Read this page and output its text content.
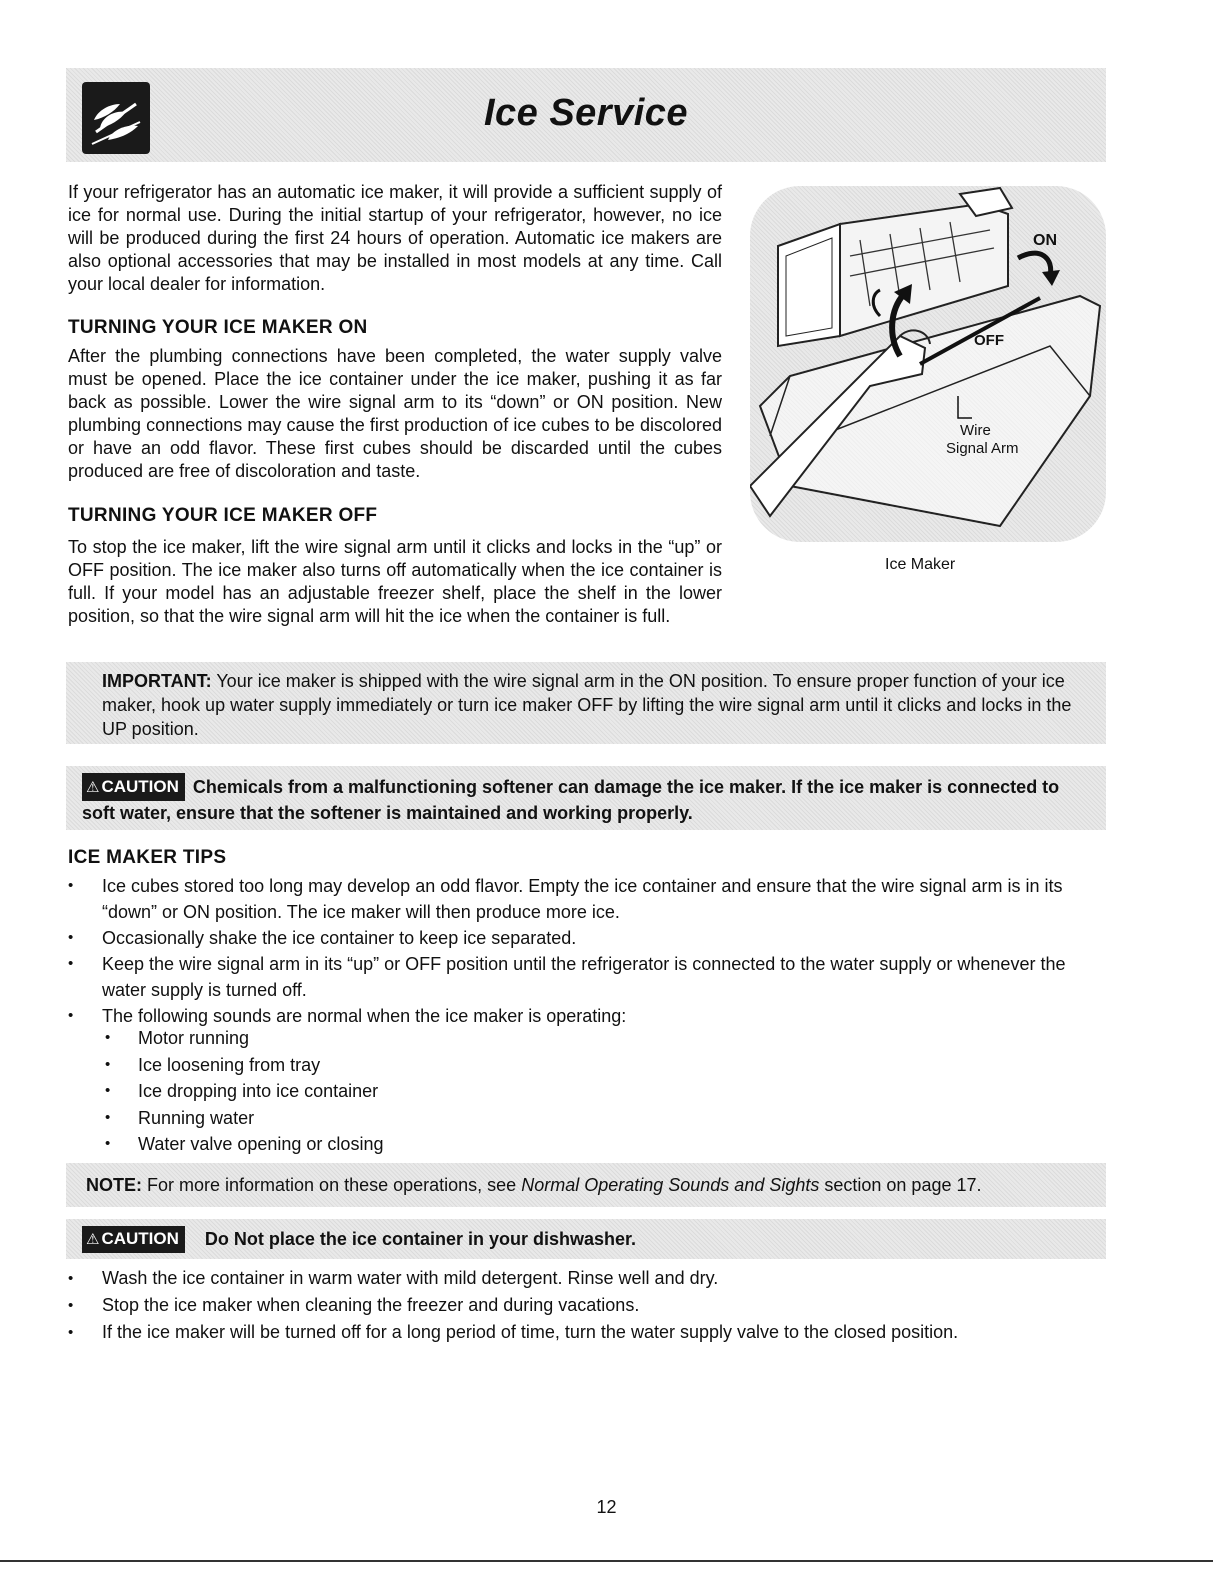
Ice Service

If your refrigerator has an automatic ice maker, it will provide a sufficient supply of ice for normal use. During the initial startup of your refrigerator, however, no ice will be produced during the first 24 hours of operation. Automatic ice makers are also optional accessories that may be installed in most models at any time. Call your local dealer for information.

TURNING YOUR ICE MAKER ON

After the plumbing connections have been completed, the water supply valve must be opened. Place the ice container under the ice maker, pushing it as far back as possible. Lower the wire signal arm to its “down” or ON position. New plumbing connections may cause the first production of ice cubes to be discolored or have an odd flavor. These first cubes should be discarded until the cubes produced are free of discoloration and taste.

TURNING YOUR ICE MAKER OFF

To stop the ice maker, lift the wire signal arm until it clicks and locks in the “up” or OFF position. The ice maker also turns off automatically when the ice container is full. If your model has an adjustable freezer shelf, place the shelf in the lower position, so that the wire signal arm will hit the ice when the container is full.

ON
OFF
Wire
Signal Arm
Ice Maker
IMPORTANT: Your ice maker is shipped with the wire signal arm in the ON position. To ensure proper function of your ice maker, hook up water supply immediately or turn ice maker OFF by lifting the wire signal arm until it clicks and locks in the UP position.
⚠ CAUTION Chemicals from a malfunctioning softener can damage the ice maker. If the ice maker is connected to soft water, ensure that the softener is maintained and working properly.
ICE MAKER TIPS
• Ice cubes stored too long may develop an odd flavor. Empty the ice container and ensure that the wire signal arm is in its “down” or ON position. The ice maker will then produce more ice.
• Occasionally shake the ice container to keep ice separated.
• Keep the wire signal arm in its “up” or OFF position until the refrigerator is connected to the water supply or whenever the water supply is turned off.
• The following sounds are normal when the ice maker is operating:
• Motor running
• Ice loosening from tray
• Ice dropping into ice container
• Running water
• Water valve opening or closing
NOTE: For more information on these operations, see Normal Operating Sounds and Sights section on page 17.
⚠ CAUTION Do Not place the ice container in your dishwasher.
• Wash the ice container in warm water with mild detergent. Rinse well and dry.
• Stop the ice maker when cleaning the freezer and during vacations.
• If the ice maker will be turned off for a long period of time, turn the water supply valve to the closed position.
12
